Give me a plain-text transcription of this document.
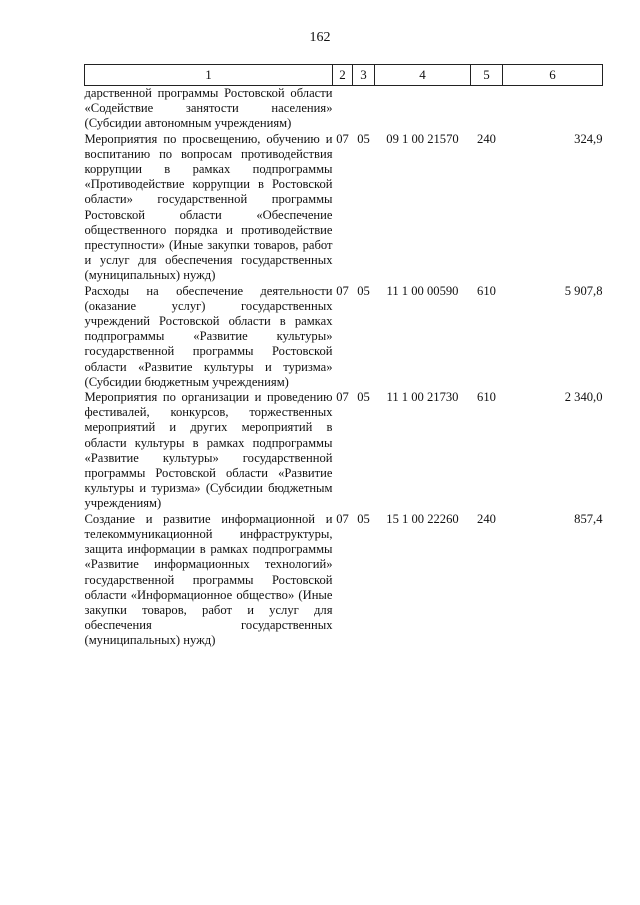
162
1	2	3	4	5	6
дарственной программы Ростовской области «Содействие занятости населения» (Субсидии автономным учреждениям)					
Мероприятия по просвещению, обучению и воспитанию по вопросам противодействия коррупции в рамках подпрограммы «Противодействие коррупции в Ростовской области» государственной программы Ростовской области «Обеспечение общественного порядка и противодействие преступности» (Иные закупки товаров, работ и услуг для обеспечения государственных (муниципальных) нужд)	07	05	09 1 00 21570	240	324,9
Расходы на обеспечение деятельности (оказание услуг) государственных учреждений Ростовской области в рамках подпрограммы «Развитие культуры» государственной программы Ростовской области «Развитие культуры и туризма» (Субсидии бюджетным учреждениям)	07	05	11 1 00 00590	610	5 907,8
Мероприятия по организации и проведению фестивалей, конкурсов, торжественных мероприятий и других мероприятий в области культуры в рамках подпрограммы «Развитие культуры» государственной программы Ростовской области «Развитие культуры и туризма» (Субсидии бюджетным учреждениям)	07	05	11 1 00 21730	610	2 340,0
Создание и развитие информационной и телекоммуникационной инфраструктуры, защита информации в рамках подпрограммы «Развитие информационных технологий» государственной программы Ростовской области «Информационное общество» (Иные закупки товаров, работ и услуг для обеспечения государственных (муниципальных) нужд)	07	05	15 1 00 22260	240	857,4
